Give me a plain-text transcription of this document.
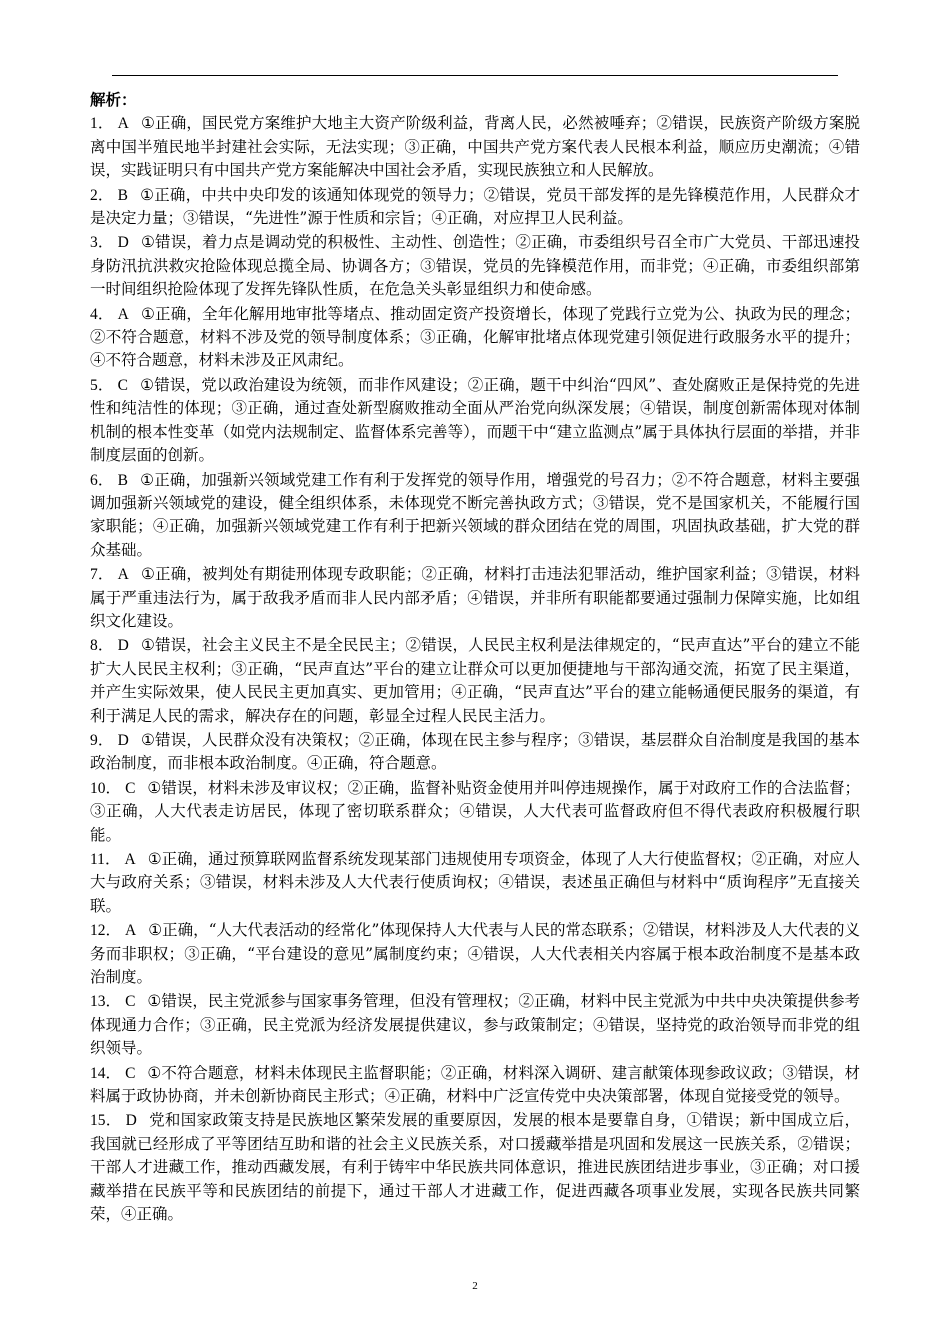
解析：

1． A ①正确，国民党方案维护大地主大资产阶级利益，背离人民，必然被唾弃；②错误，民族资产阶级方案脱离中国半殖民地半封建社会实际，无法实现；③正确，中国共产党方案代表人民根本利益，顺应历史潮流；④错误，实践证明只有中国共产党方案能解决中国社会矛盾，实现民族独立和人民解放。

2． B ①正确，中共中央印发的该通知体现党的领导力；②错误，党员干部发挥的是先锋模范作用，人民群众才是决定力量；③错误，“先进性”源于性质和宗旨；④正确，对应捍卫人民利益。

3． D ①错误，着力点是调动党的积极性、主动性、创造性；②正确，市委组织号召全市广大党员、干部迅速投身防汛抗洪救灾抢险体现总揽全局、协调各方；③错误，党员的先锋模范作用，而非党；④正确，市委组织部第一时间组织抢险体现了发挥先锋队性质，在危急关头彰显组织力和使命感。

4． A ①正确，全年化解用地审批等堵点、推动固定资产投资增长，体现了党践行立党为公、执政为民的理念；②不符合题意，材料不涉及党的领导制度体系；③正确，化解审批堵点体现党建引领促进行政服务水平的提升；④不符合题意，材料未涉及正风肃纪。

5． C ①错误，党以政治建设为统领，而非作风建设；②正确，题干中纠治“四风”、查处腐败正是保持党的先进性和纯洁性的体现；③正确，通过查处新型腐败推动全面从严治党向纵深发展；④错误，制度创新需体现对体制机制的根本性变革（如党内法规制定、监督体系完善等），而题干中“建立监测点”属于具体执行层面的举措，并非制度层面的创新。

6． B ①正确，加强新兴领域党建工作有利于发挥党的领导作用，增强党的号召力；②不符合题意，材料主要强调加强新兴领域党的建设，健全组织体系，未体现党不断完善执政方式；③错误，党不是国家机关，不能履行国家职能；④正确，加强新兴领域党建工作有利于把新兴领域的群众团结在党的周围，巩固执政基础，扩大党的群众基础。

7． A ①正确，被判处有期徒刑体现专政职能；②正确，材料打击违法犯罪活动，维护国家利益；③错误，材料属于严重违法行为，属于敌我矛盾而非人民内部矛盾；④错误，并非所有职能都要通过强制力保障实施，比如组织文化建设。

8． D ①错误，社会主义民主不是全民民主；②错误，人民民主权利是法律规定的，“民声直达”平台的建立不能扩大人民民主权利；③正确，“民声直达”平台的建立让群众可以更加便捷地与干部沟通交流，拓宽了民主渠道，并产生实际效果，使人民民主更加真实、更加管用；④正确，“民声直达”平台的建立能畅通便民服务的渠道，有利于满足人民的需求，解决存在的问题，彰显全过程人民民主活力。

9． D ①错误，人民群众没有决策权；②正确，体现在民主参与程序；③错误，基层群众自治制度是我国的基本政治制度，而非根本政治制度。④正确，符合题意。

10． C ①错误，材料未涉及审议权；②正确，监督补贴资金使用并叫停违规操作，属于对政府工作的合法监督；③正确，人大代表走访居民，体现了密切联系群众；④错误，人大代表可监督政府但不得代表政府积极履行职能。

11． A ①正确，通过预算联网监督系统发现某部门违规使用专项资金，体现了人大行使监督权；②正确，对应人大与政府关系；③错误，材料未涉及人大代表行使质询权；④错误，表述虽正确但与材料中“质询程序”无直接关联。

12． A ①正确，“人大代表活动的经常化”体现保持人大代表与人民的常态联系；②错误，材料涉及人大代表的义务而非职权；③正确，“平台建设的意见”属制度约束；④错误，人大代表相关内容属于根本政治制度不是基本政治制度。

13． C ①错误，民主党派参与国家事务管理，但没有管理权；②正确，材料中民主党派为中共中央决策提供参考体现通力合作；③正确，民主党派为经济发展提供建议，参与政策制定；④错误，坚持党的政治领导而非党的组织领导。

14． C ①不符合题意，材料未体现民主监督职能；②正确，材料深入调研、建言献策体现参政议政；③错误，材料属于政协协商，并未创新协商民主形式；④正确，材料中广泛宣传党中央决策部署，体现自觉接受党的领导。

15． D 党和国家政策支持是民族地区繁荣发展的重要原因，发展的根本是要靠自身，①错误；新中国成立后，我国就已经形成了平等团结互助和谐的社会主义民族关系，对口援藏举措是巩固和发展这一民族关系，②错误；干部人才进藏工作，推动西藏发展，有利于铸牢中华民族共同体意识，推进民族团结进步事业，③正确；对口援藏举措在民族平等和民族团结的前提下，通过干部人才进藏工作，促进西藏各项事业发展，实现各民族共同繁荣，④正确。

2
